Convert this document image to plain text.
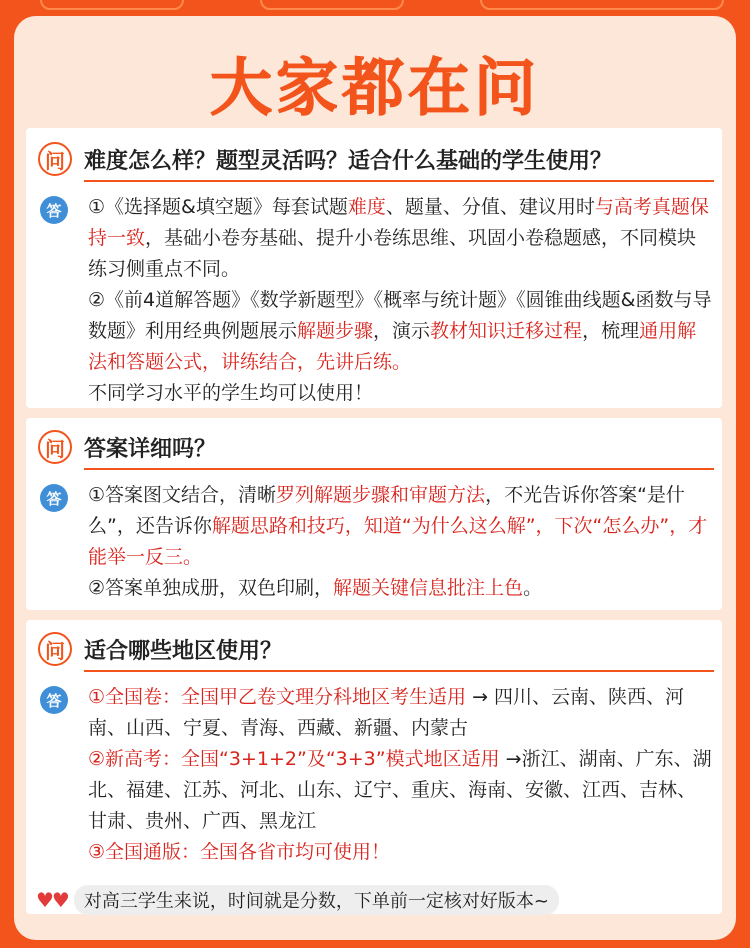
大家都在问
问 难度怎么样？题型灵活吗？适合什么基础的学生使用？
答	①《选择题&填空题》每套试题难度、题量、分值、建议用时与高考真题保持一致，基础小卷夯基础、提升小卷练思维、巩固小卷稳题感，不同模块练习侧重点不同。
②《前4道解答题》《数学新题型》《概率与统计题》《圆锥曲线题&函数与导数题》利用经典例题展示解题步骤，演示教材知识迁移过程，梳理通用解法和答题公式，讲练结合，先讲后练。
不同学习水平的学生均可以使用！
问 答案详细吗？
答	①答案图文结合，清晰罗列解题步骤和审题方法，不光告诉你答案“是什么”，还告诉你解题思路和技巧，知道“为什么这么解”，下次“怎么办”，才能举一反三。
②答案单独成册，双色印刷，解题关键信息批注上色。
问 适合哪些地区使用？
答	①全国卷：全国甲乙卷文理分科地区考生适用 → 四川、云南、陕西、河南、山西、宁夏、青海、西藏、新疆、内蒙古
②新高考：全国“3+1+2”及“3+3”模式地区适用 →浙江、湖南、广东、湖北、福建、江苏、河北、山东、辽宁、重庆、海南、安徽、江西、吉林、甘肃、贵州、广西、黑龙江
③全国通版：全国各省市均可使用！
♥♥ 对高三学生来说，时间就是分数，下单前一定核对好版本~
